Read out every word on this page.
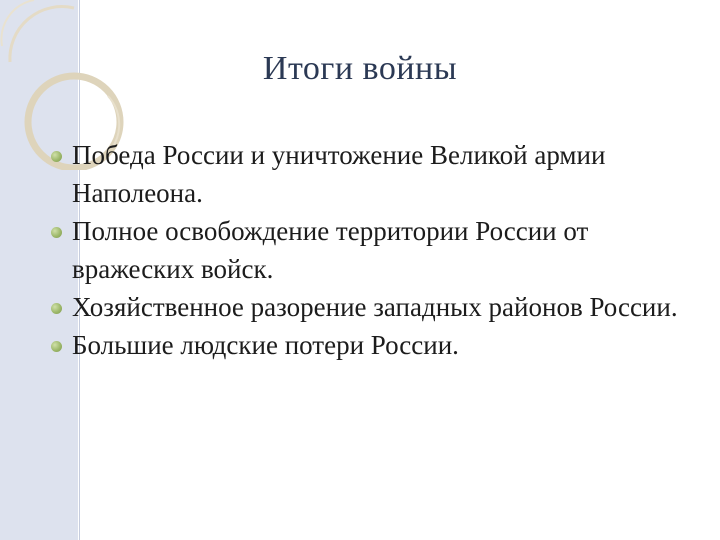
Итоги войны
Победа России и уничтожение Великой армии Наполеона.
Полное освобождение территории России от вражеских войск.
Хозяйственное разорение западных районов России.
Большие людские потери России.
